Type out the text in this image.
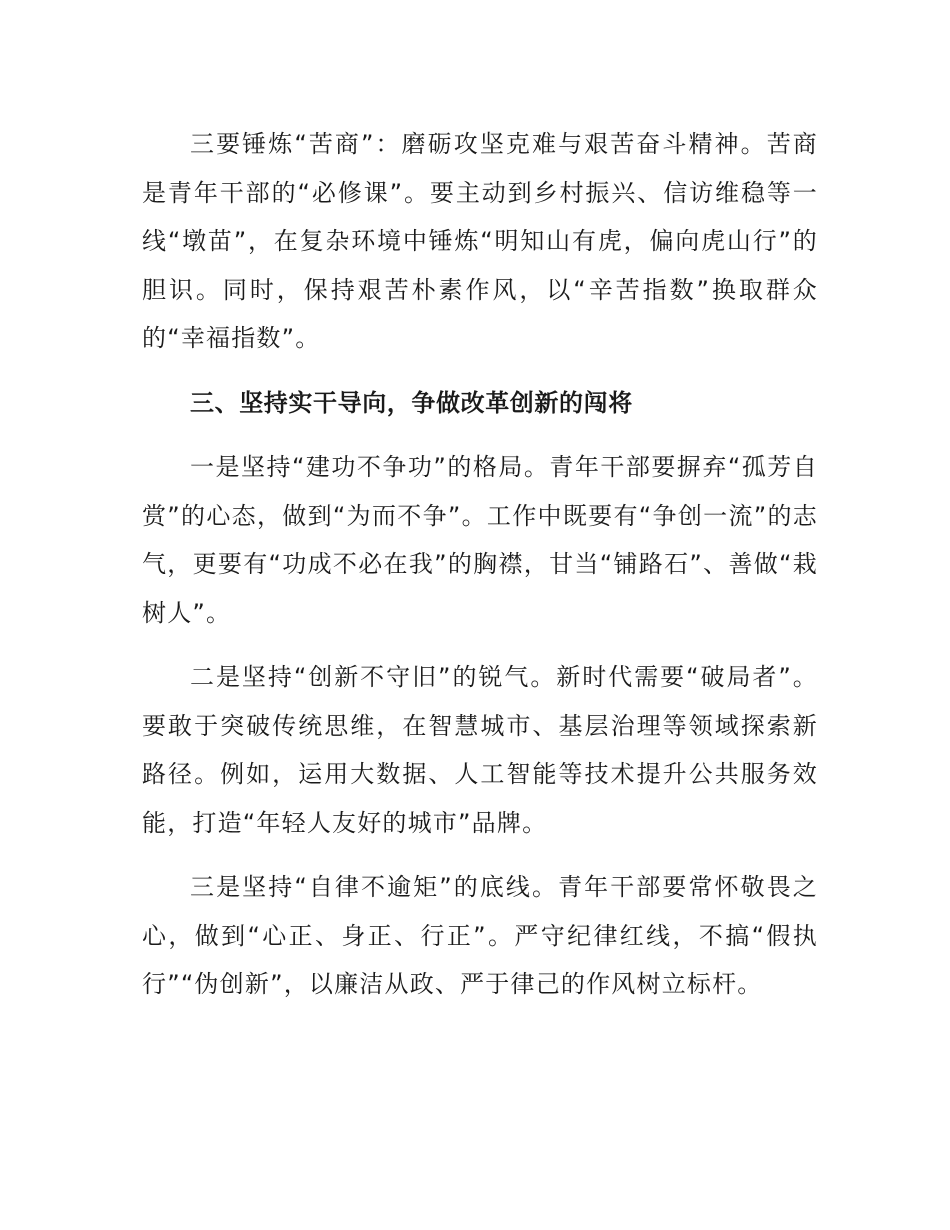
三要锤炼“苦商”：磨砺攻坚克难与艰苦奋斗精神。苦商是青年干部的“必修课”。要主动到乡村振兴、信访维稳等一线“墩苗”，在复杂环境中锤炼“明知山有虎，偏向虎山行”的胆识。同时，保持艰苦朴素作风，以“辛苦指数”换取群众的“幸福指数”。

三、坚持实干导向，争做改革创新的闯将

一是坚持“建功不争功”的格局。青年干部要摒弃“孤芳自赏”的心态，做到“为而不争”。工作中既要有“争创一流”的志气，更要有“功成不必在我”的胸襟，甘当“铺路石”、善做“栽树人”。

二是坚持“创新不守旧”的锐气。新时代需要“破局者”。要敢于突破传统思维，在智慧城市、基层治理等领域探索新路径。例如，运用大数据、人工智能等技术提升公共服务效能，打造“年轻人友好的城市”品牌。

三是坚持“自律不逾矩”的底线。青年干部要常怀敬畏之心，做到“心正、身正、行正”。严守纪律红线，不搞“假执行”“伪创新”，以廉洁从政、严于律己的作风树立标杆。
